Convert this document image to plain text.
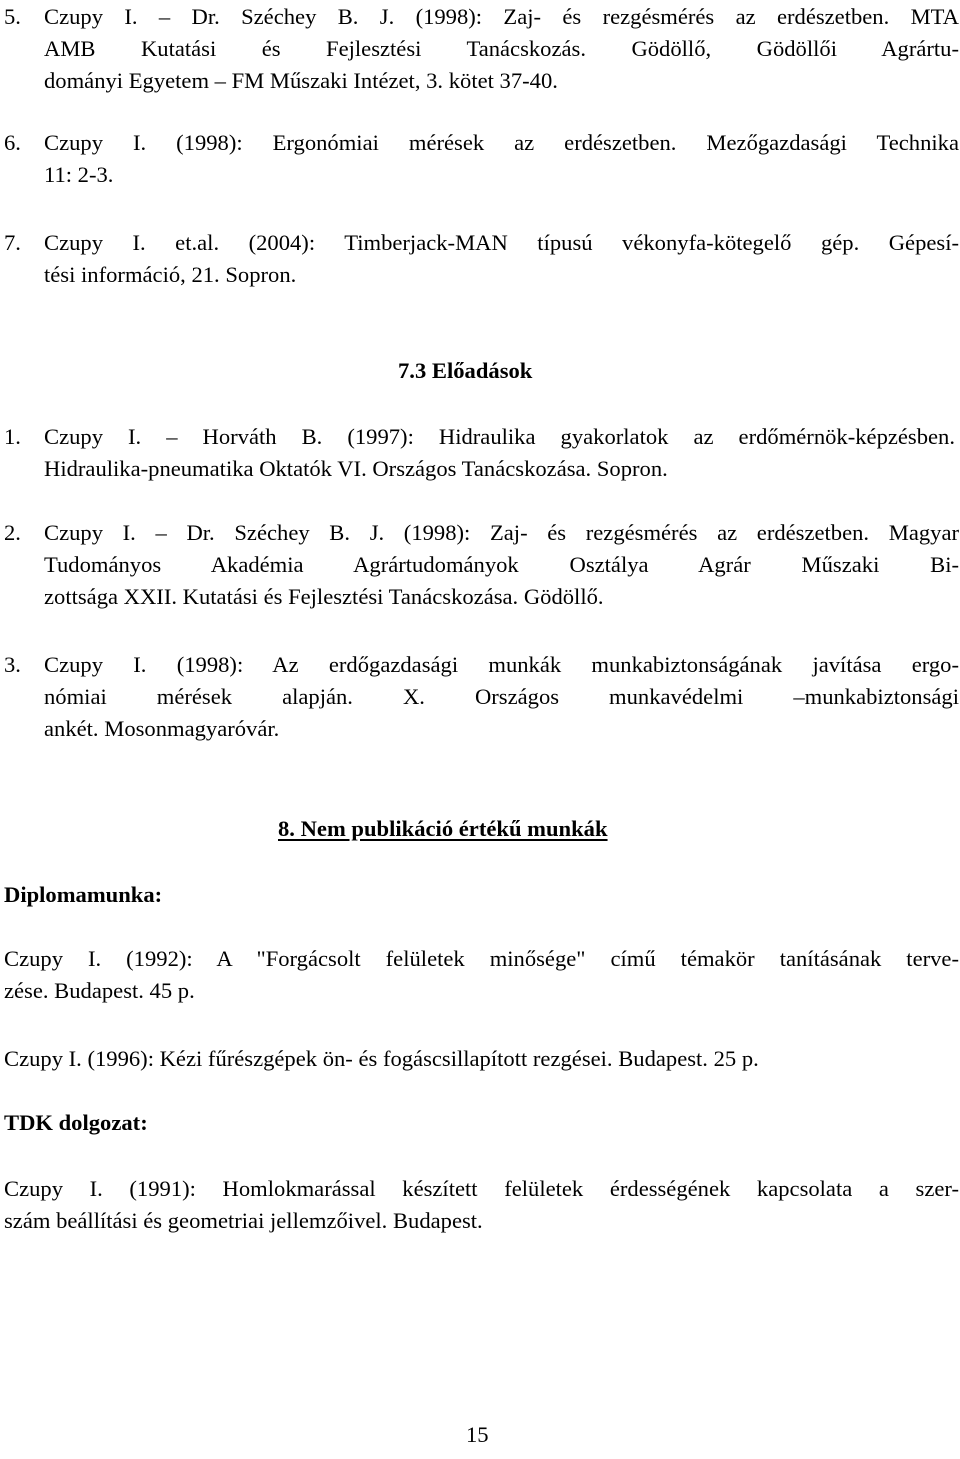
5. Czupy I. – Dr. Széchey B. J. (1998): Zaj- és rezgésmérés az erdészetben. MTA
AMB Kutatási és Fejlesztési Tanácskozás. Gödöllő, Gödöllői Agrártu-
dományi Egyetem – FM Műszaki Intézet, 3. kötet 37-40.
6. Czupy I. (1998): Ergonómiai mérések az erdészetben. Mezőgazdasági Technika
11: 2-3.
7. Czupy I. et.al. (2004): Timberjack-MAN típusú vékonyfa-kötegelő gép. Gépesí-
tési információ, 21. Sopron.
7.3 Előadások
1. Czupy I. – Horváth B. (1997): Hidraulika gyakorlatok az erdőmérnök-képzésben.
Hidraulika-pneumatika Oktatók VI. Országos Tanácskozása. Sopron.
2. Czupy I. – Dr. Széchey B. J. (1998): Zaj- és rezgésmérés az erdészetben. Magyar
Tudományos Akadémia Agrártudományok Osztálya Agrár Műszaki Bi-
zottsága XXII. Kutatási és Fejlesztési Tanácskozása. Gödöllő.
3. Czupy I. (1998): Az erdőgazdasági munkák munkabiztonságának javítása ergo-
nómiai mérések alapján. X. Országos munkavédelmi –munkabiztonsági
ankét. Mosonmagyaróvár.
8. Nem publikáció értékű munkák
Diplomamunka:
Czupy I. (1992): A "Forgácsolt felületek minősége" című témakör tanításának terve-
zése. Budapest. 45 p.
Czupy I. (1996): Kézi fűrészgépek ön- és fogáscsillapított rezgései. Budapest. 25 p.
TDK dolgozat:
Czupy I. (1991): Homlokmarással készített felületek érdességének kapcsolata a szer-
szám beállítási és geometriai jellemzőivel. Budapest.
15
